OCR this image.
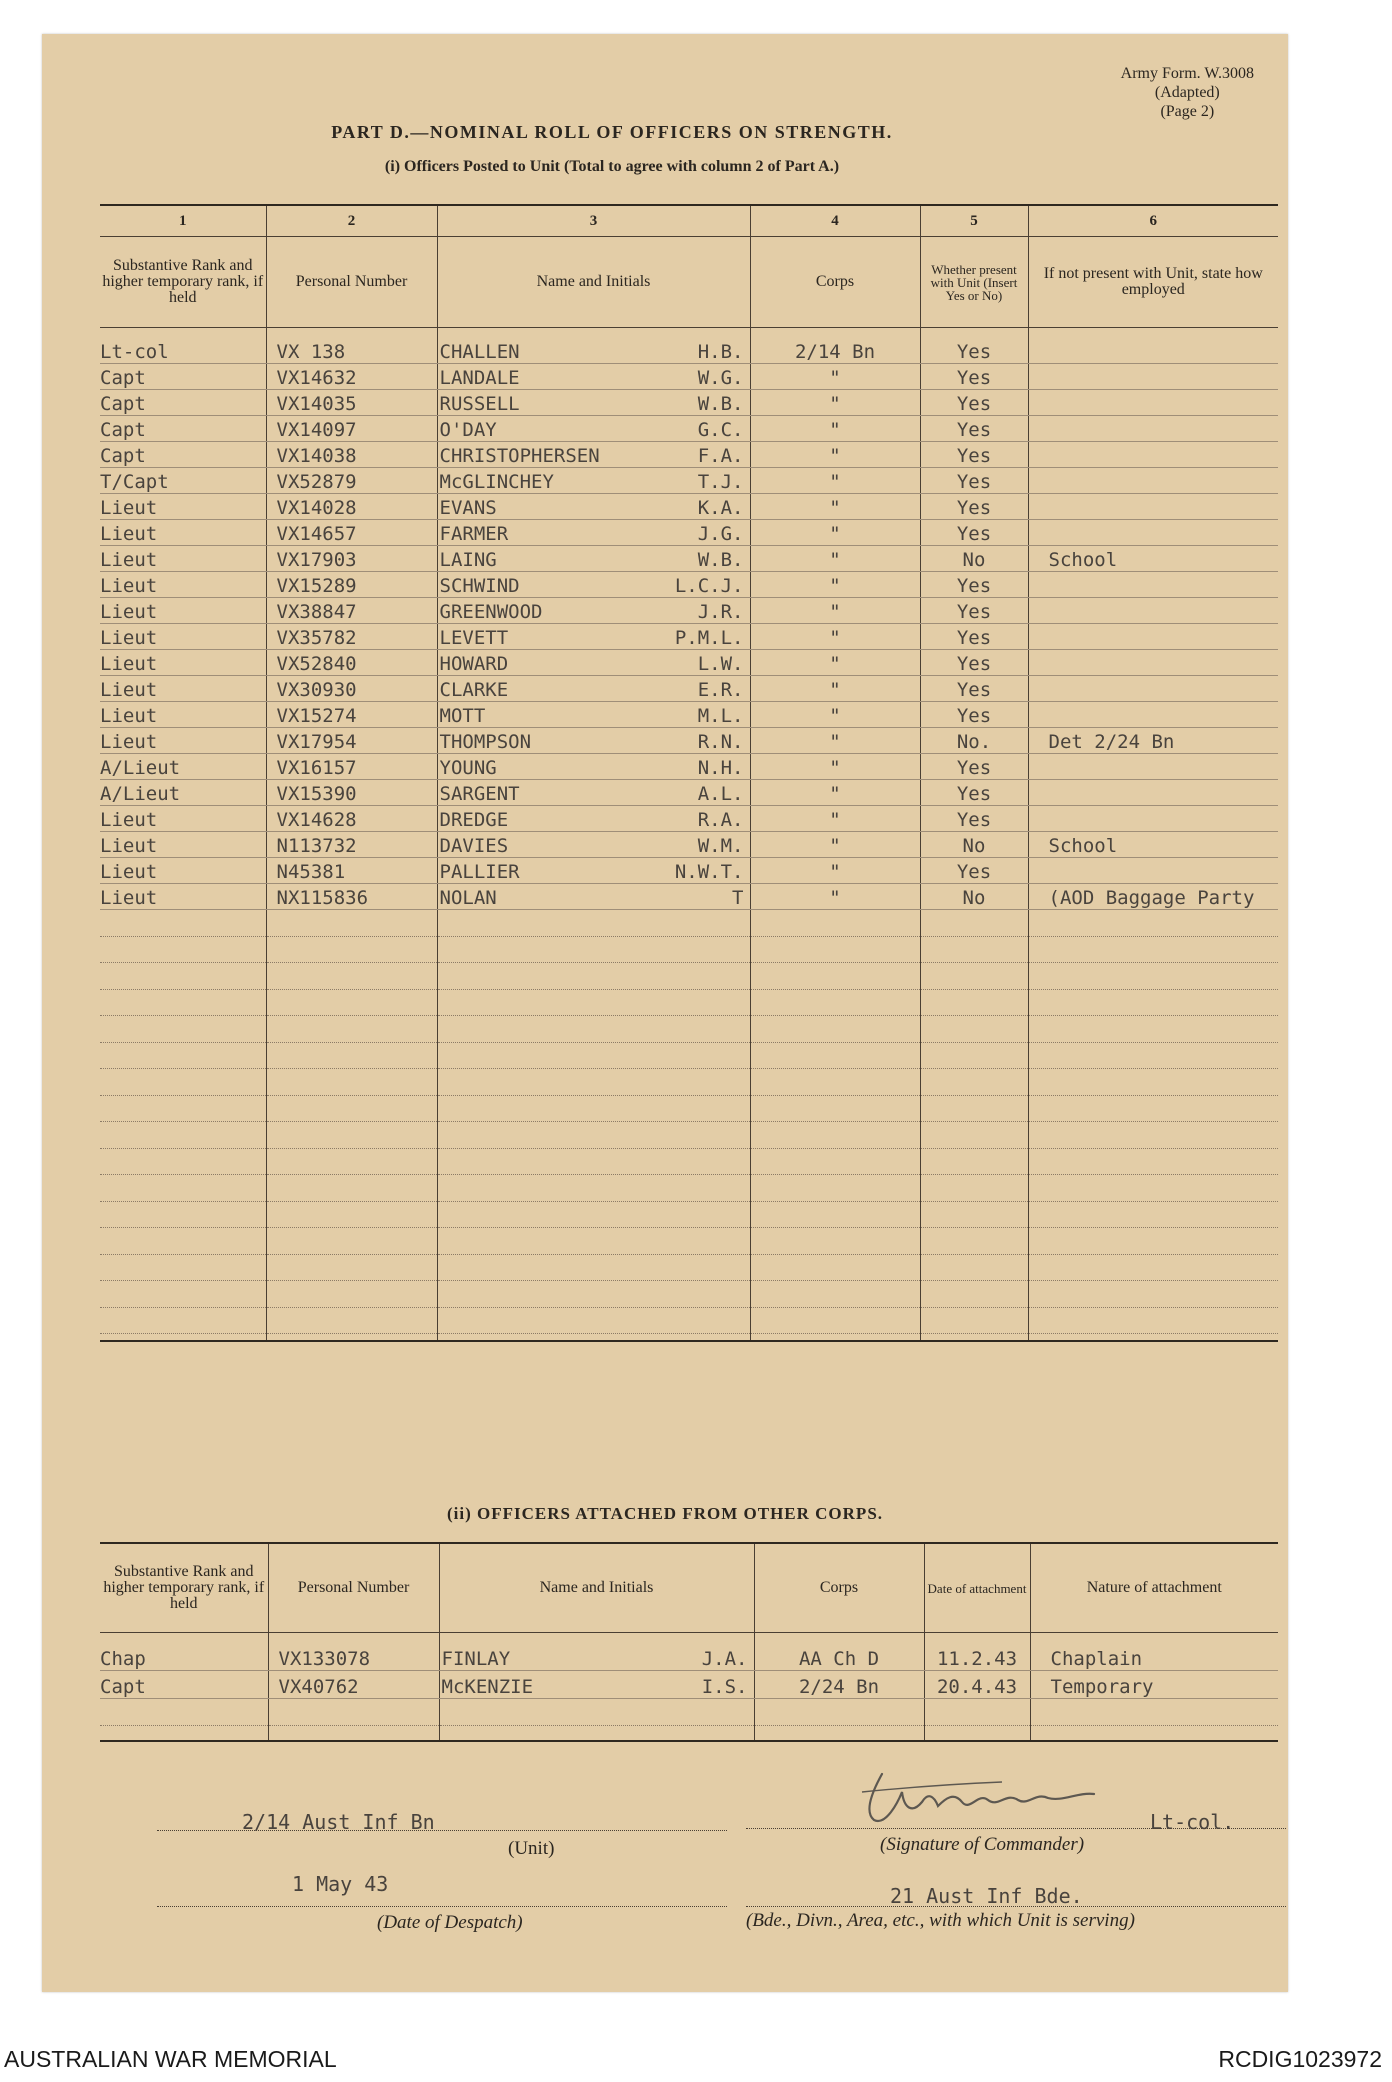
Army Form. W.3008
(Adapted)
(Page 2)
PART D.—NOMINAL ROLL OF OFFICERS ON STRENGTH.
(i) Officers Posted to Unit (Total to agree with column 2 of Part A.)
1	2	3	4	5	6
Substantive Rank and higher temporary rank, if held	Personal Number	Name and Initials	Corps	Whether present with Unit (Insert Yes or No)	If not present with Unit, state how employed

Lt-col	VX 138	CHALLEN H.B.	2/14 Bn	Yes	
Capt	VX14632	LANDALE W.G.	"	Yes	
Capt	VX14035	RUSSELL W.B.	"	Yes	
Capt	VX14097	O'DAY G.C.	"	Yes	
Capt	VX14038	CHRISTOPHERSEN F.A.	"	Yes	
T/Capt	VX52879	McGLINCHEY T.J.	"	Yes	
Lieut	VX14028	EVANS K.A.	"	Yes	
Lieut	VX14657	FARMER J.G.	"	Yes	
Lieut	VX17903	LAING W.B.	"	No	School
Lieut	VX15289	SCHWIND L.C.J.	"	Yes	
Lieut	VX38847	GREENWOOD J.R.	"	Yes	
Lieut	VX35782	LEVETT P.M.L.	"	Yes	
Lieut	VX52840	HOWARD L.W.	"	Yes	
Lieut	VX30930	CLARKE E.R.	"	Yes	
Lieut	VX15274	MOTT M.L.	"	Yes	
Lieut	VX17954	THOMPSON R.N.	"	No.	Det 2/24 Bn
A/Lieut	VX16157	YOUNG N.H.	"	Yes	
A/Lieut	VX15390	SARGENT A.L.	"	Yes	
Lieut	VX14628	DREDGE R.A.	"	Yes	
Lieut	N113732	DAVIES W.M.	"	No	School
Lieut	N45381	PALLIER N.W.T.	"	Yes	
Lieut	NX115836	NOLAN T	"	No	(AOD Baggage Party

(ii) OFFICERS ATTACHED FROM OTHER CORPS.
Substantive Rank and higher temporary rank, if held	Personal Number	Name and Initials	Corps	Date of attachment	Nature of attachment

Chap	VX133078	FINLAY J.A.	AA Ch D	11.2.43	Chaplain
Capt	VX40762	McKENZIE I.S.	2/24 Bn	20.4.43	Temporary

2/14 Aust Inf Bn
(Unit)
1 May 43
(Date of Despatch)
Lt-col.
(Signature of Commander)
21 Aust Inf Bde.
(Bde., Divn., Area, etc., with which Unit is serving)
AUSTRALIAN WAR MEMORIAL	RCDIG1023972
